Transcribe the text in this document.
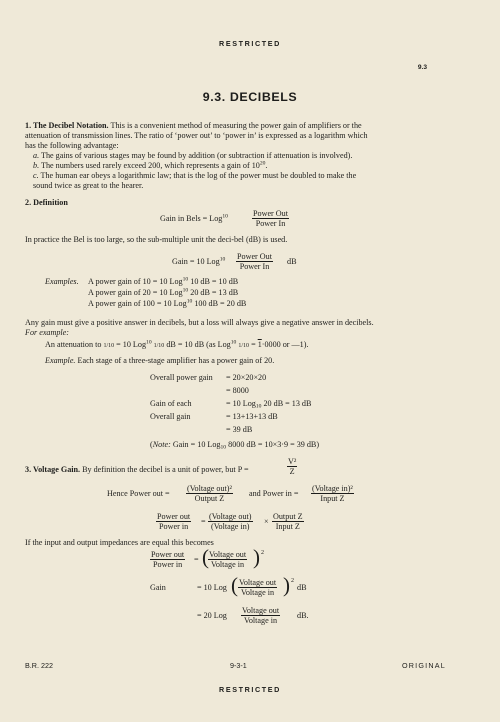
RESTRICTED
9.3
9.3. DECIBELS
1. The Decibel Notation. This is a convenient method of measuring the power gain of amplifiers or the
attenuation of transmission lines. The ratio of ‘power out’ to ‘power in’ is expressed as a logarithm which
has the following advantage:
a. The gains of various stages may be found by addition (or subtraction if attenuation is involved).
b. The numbers used rarely exceed 200, which represents a gain of $10^{20}$.
c. The human ear obeys a logarithmic law; that is the log of the power must be doubled to make the
sound twice as great to the hearer.
2. Definition
Gain in Bels = Log$^{10}$	Power Out
Power In
In practice the Bel is too large, so the sub-multiple unit the deci-bel (dB) is used.
Gain = 10 Log$^{10}$ Power Out
Power In
dB
Examples. A power gain of 10 = 10 Log$^{10}$ 10 dB = 10 dB
A power gain of 20 = 10 Log$^{10}$ 20 dB = 13 dB
A power gain of 100 = 10 Log$^{10}$ 100 dB = 20 dB
Any gain must give a positive answer in decibels, but a loss will always give a negative answer in decibels.
For example:
An attenuation to 1/10 = 10 Log$^{10}$ 1/10 dB = 10 dB (as Log$^{10}$ 1/10 = 1·0000 or —1).
Example. Each stage of a three-stage amplifier has a power gain of 20.
Overall power gain = 20×20×20
= 8000
Gain of each	= 10 Log$_{10}$ 20 dB = 13 dB
Overall gain	= 13+13+13 dB
= 39 dB
(Note: Gain = 10 Log$_{10}$ 8000 dB = 10×3·9 = 39 dB)
3. Voltage Gain. By definition the decibel is a unit of power, but P =	$\frac{\text{V²}}{Z}$
Hence Power out =
(Voltage out)²
Output Z
and Power in =
(Voltage in)²
Input Z
Power out
Power in
=
(Voltage out)
(Voltage in)
×
Output Z
Input Z
If the input and output impedances are equal this becomes
Power out
Power in
= ( Voltage out
Voltage in ) 2
Gain	= 10 Log ( Voltage out
Voltage in ) 2
dB
= 20 Log
Voltage out
Voltage in
dB.
B.R. 222	9-3-1	ORIGINAL
RESTRICTED
